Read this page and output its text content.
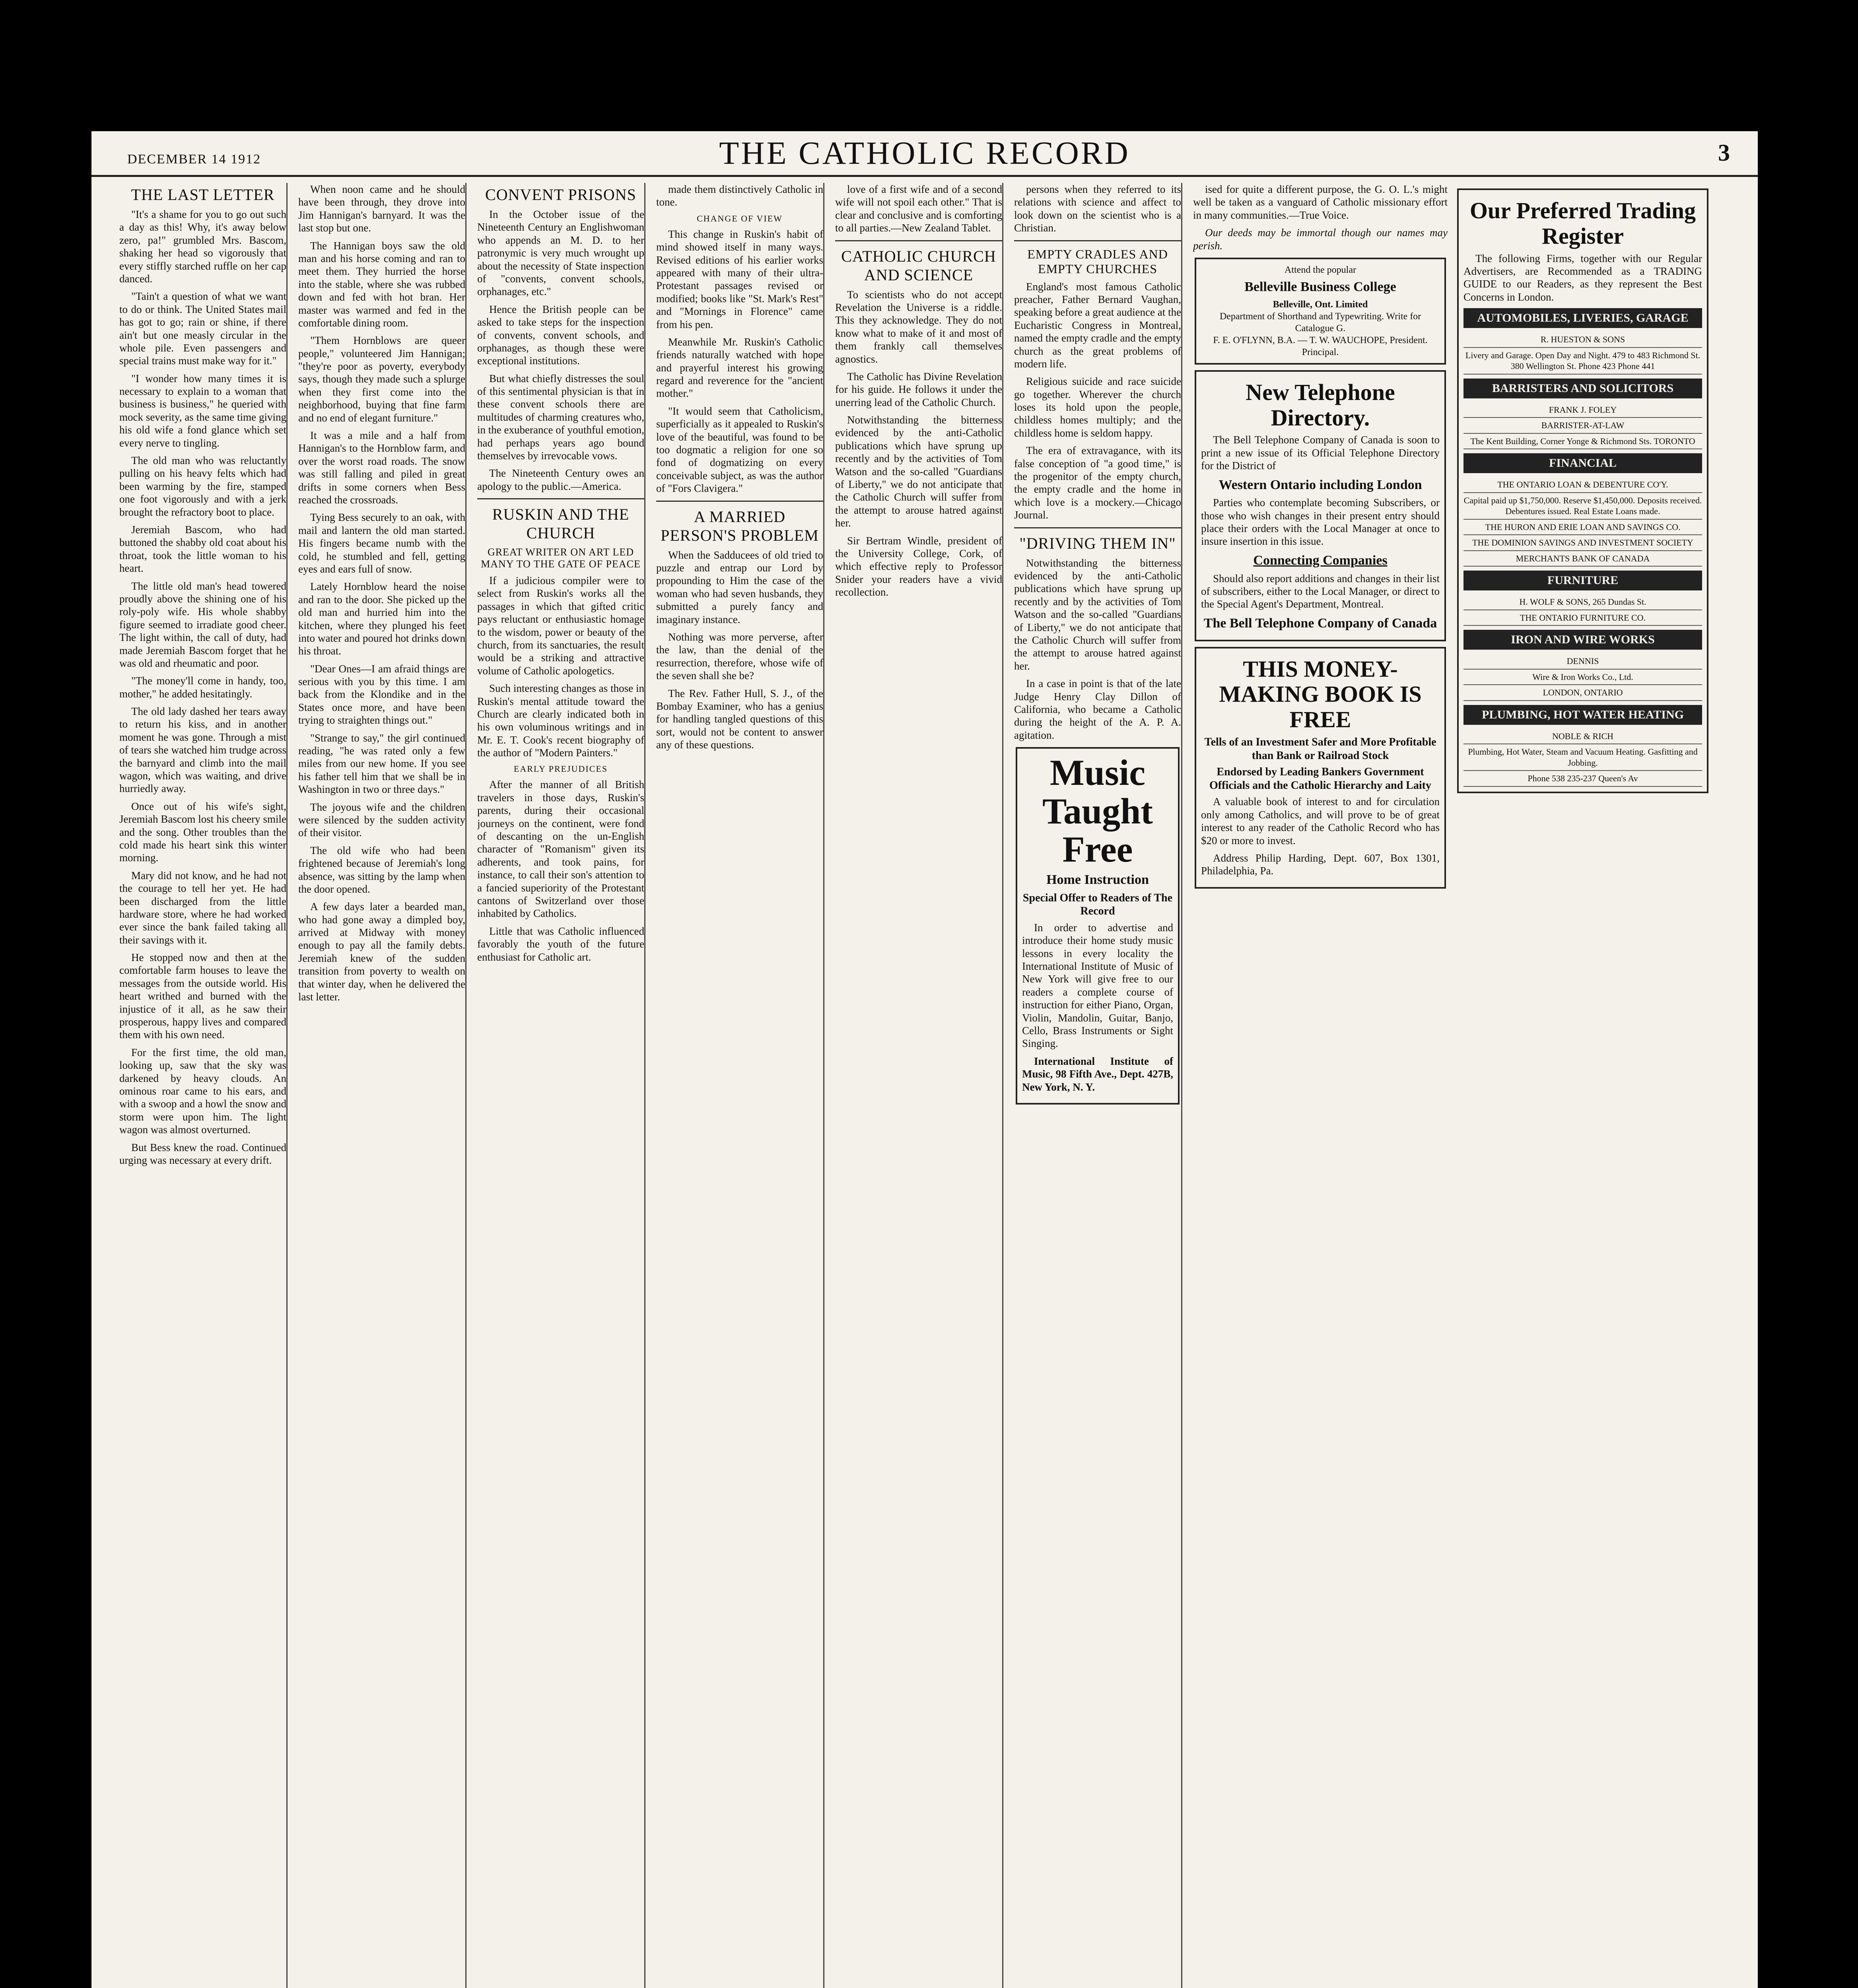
DECEMBER 14 1912	THE CATHOLIC RECORD	3
THE LAST LETTER

"It's a shame for you to go out such a day as this! Why, it's away below zero, pa!" grumbled Mrs. Bascom, shaking her head so vigorously that every stiffly starched ruffle on her cap danced.

"Tain't a question of what we want to do or think. The United States mail has got to go; rain or shine, if there ain't but one measly circular in the whole pile. Even passengers and special trains must make way for it."

"I wonder how many times it is necessary to explain to a woman that business is business," he queried with mock severity, as the same time giving his old wife a fond glance which set every nerve to tingling.

The old man who was reluctantly pulling on his heavy felts which had been warming by the fire, stamped one foot vigorously and with a jerk brought the refractory boot to place.

Jeremiah Bascom, who had buttoned the shabby old coat about his throat, took the little woman to his heart.

The little old man's head towered proudly above the shining one of his roly-poly wife. His whole shabby figure seemed to irradiate good cheer. The light within, the call of duty, had made Jeremiah Bascom forget that he was old and rheumatic and poor.

"The money'll come in handy, too, mother," he added hesitatingly.

The old lady dashed her tears away to return his kiss, and in another moment he was gone. Through a mist of tears she watched him trudge across the barnyard and climb into the mail wagon, which was waiting, and drive hurriedly away.

Once out of his wife's sight, Jeremiah Bascom lost his cheery smile and the song. Other troubles than the cold made his heart sink this winter morning.

Mary did not know, and he had not the courage to tell her yet. He had been discharged from the little hardware store, where he had worked ever since the bank failed taking all their savings with it.

He stopped now and then at the comfortable farm houses to leave the messages from the outside world. His heart writhed and burned with the injustice of it all, as he saw their prosperous, happy lives and compared them with his own need.

For the first time, the old man, looking up, saw that the sky was darkened by heavy clouds. An ominous roar came to his ears, and with a swoop and a howl the snow and storm were upon him. The light wagon was almost overturned.

But Bess knew the road. Continued urging was necessary at every drift.

When noon came and he should have been through, they drove into Jim Hannigan's barnyard. It was the last stop but one.

The Hannigan boys saw the old man and his horse coming and ran to meet them. They hurried the horse into the stable, where she was rubbed down and fed with hot bran. Her master was warmed and fed in the comfortable dining room.

"Them Hornblows are queer people," volunteered Jim Hannigan; "they're poor as poverty, everybody says, though they made such a splurge when they first come into the neighborhood, buying that fine farm and no end of elegant furniture."

It was a mile and a half from Hannigan's to the Hornblow farm, and over the worst road roads. The snow was still falling and piled in great drifts in some corners when Bess reached the crossroads.

Tying Bess securely to an oak, with mail and lantern the old man started. His fingers became numb with the cold, he stumbled and fell, getting eyes and ears full of snow.

Lately Hornblow heard the noise and ran to the door. She picked up the old man and hurried him into the kitchen, where they plunged his feet into water and poured hot drinks down his throat.

"Dear Ones—I am afraid things are serious with you by this time. I am back from the Klondike and in the States once more, and have been trying to straighten things out."

"Strange to say," the girl continued reading, "he was rated only a few miles from our new home. If you see his father tell him that we shall be in Washington in two or three days."

The joyous wife and the children were silenced by the sudden activity of their visitor.

The old wife who had been frightened because of Jeremiah's long absence, was sitting by the lamp when the door opened.

A few days later a bearded man, who had gone away a dimpled boy, arrived at Midway with money enough to pay all the family debts. Jeremiah knew of the sudden transition from poverty to wealth on that winter day, when he delivered the last letter.

CONVENT PRISONS

In the October issue of the Nineteenth Century an Englishwoman who appends an M. D. to her patronymic is very much wrought up about the necessity of State inspection of "convents, convent schools, orphanages, etc."

Hence the British people can be asked to take steps for the inspection of convents, convent schools, and orphanages, as though these were exceptional institutions.

But what chiefly distresses the soul of this sentimental physician is that in these convent schools there are multitudes of charming creatures who, in the exuberance of youthful emotion, had perhaps years ago bound themselves by irrevocable vows.

The Nineteenth Century owes an apology to the public.—America.

RUSKIN AND THE CHURCH
GREAT WRITER ON ART LED MANY TO THE GATE OF PEACE

If a judicious compiler were to select from Ruskin's works all the passages in which that gifted critic pays reluctant or enthusiastic homage to the wisdom, power or beauty of the church, from its sanctuaries, the result would be a striking and attractive volume of Catholic apologetics.

Such interesting changes as those in Ruskin's mental attitude toward the Church are clearly indicated both in his own voluminous writings and in Mr. E. T. Cook's recent biography of the author of "Modern Painters."

EARLY PREJUDICES

After the manner of all British travelers in those days, Ruskin's parents, during their occasional journeys on the continent, were fond of descanting on the un-English character of "Romanism" given its adherents, and took pains, for instance, to call their son's attention to a fancied superiority of the Protestant cantons of Switzerland over those inhabited by Catholics.

Little that was Catholic influenced favorably the youth of the future enthusiast for Catholic art.

made them distinctively Catholic in tone.

CHANGE OF VIEW

This change in Ruskin's habit of mind showed itself in many ways. Revised editions of his earlier works appeared with many of their ultra-Protestant passages revised or modified; books like "St. Mark's Rest" and "Mornings in Florence" came from his pen.

Meanwhile Mr. Ruskin's Catholic friends naturally watched with hope and prayerful interest his growing regard and reverence for the "ancient mother."

"It would seem that Catholicism, superficially as it appealed to Ruskin's love of the beautiful, was found to be too dogmatic a religion for one so fond of dogmatizing on every conceivable subject, as was the author of "Fors Clavigera."

A MARRIED PERSON'S PROBLEM

When the Sadducees of old tried to puzzle and entrap our Lord by propounding to Him the case of the woman who had seven husbands, they submitted a purely fancy and imaginary instance.

Nothing was more perverse, after the law, than the denial of the resurrection, therefore, whose wife of the seven shall she be?

The Rev. Father Hull, S. J., of the Bombay Examiner, who has a genius for handling tangled questions of this sort, would not be content to answer any of these questions.

love of a first wife and of a second wife will not spoil each other." That is clear and conclusive and is comforting to all parties.—New Zealand Tablet.

CATHOLIC CHURCH AND SCIENCE

To scientists who do not accept Revelation the Universe is a riddle. This they acknowledge. They do not know what to make of it and most of them frankly call themselves agnostics.

The Catholic has Divine Revelation for his guide. He follows it under the unerring lead of the Catholic Church.

Notwithstanding the bitterness evidenced by the anti-Catholic publications which have sprung up recently and by the activities of Tom Watson and the so-called "Guardians of Liberty," we do not anticipate that the Catholic Church will suffer from the attempt to arouse hatred against her.

Sir Bertram Windle, president of the University College, Cork, of which effective reply to Professor Snider your readers have a vivid recollection.

persons when they referred to its relations with science and affect to look down on the scientist who is a Christian.

EMPTY CRADLES AND EMPTY CHURCHES

England's most famous Catholic preacher, Father Bernard Vaughan, speaking before a great audience at the Eucharistic Congress in Montreal, named the empty cradle and the empty church as the great problems of modern life.

Religious suicide and race suicide go together. Wherever the church loses its hold upon the people, childless homes multiply; and the childless home is seldom happy.

The era of extravagance, with its false conception of "a good time," is the progenitor of the empty church, the empty cradle and the home in which love is a mockery.—Chicago Journal.

"DRIVING THEM IN"

Notwithstanding the bitterness evidenced by the anti-Catholic publications which have sprung up recently and by the activities of Tom Watson and the so-called "Guardians of Liberty," we do not anticipate that the Catholic Church will suffer from the attempt to arouse hatred against her.

In a case in point is that of the late Judge Henry Clay Dillon of California, who became a Catholic during the height of the A. P. A. agitation.

Music Taught Free
Home Instruction
Special Offer to Readers of The Record

In order to advertise and introduce their home study music lessons in every locality the International Institute of Music of New York will give free to our readers a complete course of instruction for either Piano, Organ, Violin, Mandolin, Guitar, Banjo, Cello, Brass Instruments or Sight Singing.

International Institute of Music, 98 Fifth Ave., Dept. 427B, New York, N. Y.

ised for quite a different purpose, the G. O. L.'s might well be taken as a vanguard of Catholic missionary effort in many communities.—True Voice.

Our deeds may be immortal though our names may perish.

Attend the popular
Belleville Business College
Belleville, Ont. Limited
Department of Shorthand and Typewriting. Write for Catalogue G.
F. E. O'FLYNN, B.A. — T. W. WAUCHOPE, President. Principal.
New Telephone Directory.

The Bell Telephone Company of Canada is soon to print a new issue of its Official Telephone Directory for the District of

Western Ontario including London

Parties who contemplate becoming Subscribers, or those who wish changes in their present entry should place their orders with the Local Manager at once to insure insertion in this issue.

Connecting Companies

Should also report additions and changes in their list of subscribers, either to the Local Manager, or direct to the Special Agent's Department, Montreal.

The Bell Telephone Company of Canada
THIS MONEY-MAKING BOOK IS FREE
Tells of an Investment Safer and More Profitable than Bank or Railroad Stock
Endorsed by Leading Bankers Government Officials and the Catholic Hierarchy and Laity

A valuable book of interest to and for circulation only among Catholics, and will prove to be of great interest to any reader of the Catholic Record who has $20 or more to invest.

Address Philip Harding, Dept. 607, Box 1301, Philadelphia, Pa.

Our Preferred Trading Register

The following Firms, together with our Regular Advertisers, are Recommended as a TRADING GUIDE to our Readers, as they represent the Best Concerns in London.

AUTOMOBILES, LIVERIES, GARAGE
R. HUESTON & SONS
Livery and Garage. Open Day and Night. 479 to 483 Richmond St. 380 Wellington St. Phone 423 Phone 441
BARRISTERS AND SOLICITORS
FRANK J. FOLEY
BARRISTER-AT-LAW
The Kent Building, Corner Yonge & Richmond Sts. TORONTO
FINANCIAL
THE ONTARIO LOAN & DEBENTURE CO'Y.
Capital paid up $1,750,000. Reserve $1,450,000. Deposits received. Debentures issued. Real Estate Loans made.
THE HURON AND ERIE LOAN AND SAVINGS CO.
THE DOMINION SAVINGS AND INVESTMENT SOCIETY
MERCHANTS BANK OF CANADA
FURNITURE
H. WOLF & SONS, 265 Dundas St.
THE ONTARIO FURNITURE CO.
IRON AND WIRE WORKS
DENNIS
Wire & Iron Works Co., Ltd.
LONDON, ONTARIO
PLUMBING, HOT WATER HEATING
NOBLE & RICH
Plumbing, Hot Water, Steam and Vacuum Heating. Gasfitting and Jobbing.
Phone 538 235-237 Queen's Av
